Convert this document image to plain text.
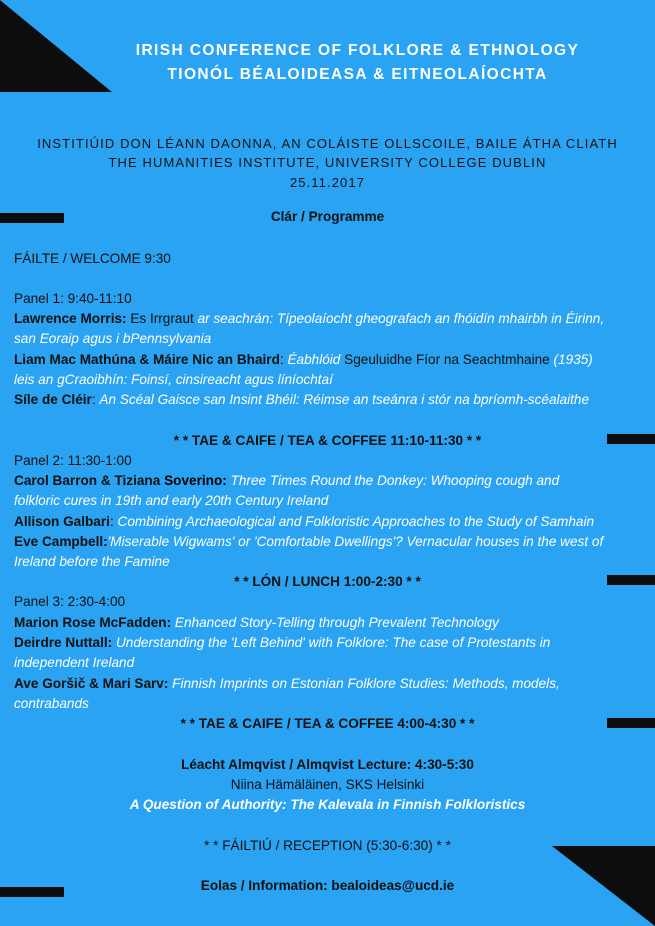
IRISH CONFERENCE OF FOLKLORE & ETHNOLOGY
TIONÓL BÉALOIDEASA & EITNEOLAÍOCHTA
INSTITIÚID DON LÉANN DAONNA, AN COLÁISTE OLLSCOILE, BAILE ÁTHA CLIATH
THE HUMANITIES INSTITUTE, UNIVERSITY COLLEGE DUBLIN
25.11.2017
Clár / Programme
FÁILTE / WELCOME 9:30
Panel 1: 9:40-11:10
Lawrence Morris: Es Irrgraut ar seachrán: Típeolaíocht gheografach an fhóidín mhairbh in Éirinn,
san Eoraip agus i bPennsylvania
Liam Mac Mathúna & Máire Nic an Bhaird: Éabhlóid Sgeuluidhe Fíor na Seachtmhaine (1935)
leis an gCraoibhín: Foinsí, cinsireacht agus líníochtaí
Síle de Cléir: An Scéal Gaisce san Insint Bhéil: Réimse an tseánra i stór na bpríomh-scéalaithe
* * TAE & CAIFE / TEA & COFFEE 11:10-11:30 * *
Panel 2: 11:30-1:00
Carol Barron & Tiziana Soverino: Three Times Round the Donkey: Whooping cough and
folkloric cures in 19th and early 20th Century Ireland
Allison Galbari: Combining Archaeological and Folkloristic Approaches to the Study of Samhain
Eve Campbell:'Miserable Wigwams' or 'Comfortable Dwellings'? Vernacular houses in the west of
Ireland before the Famine
* * LÓN / LUNCH 1:00-2:30 * *
Panel 3: 2:30-4:00
Marion Rose McFadden: Enhanced Story-Telling through Prevalent Technology
Deirdre Nuttall: Understanding the 'Left Behind' with Folklore: The case of Protestants in
independent Ireland
Ave Goršič & Mari Sarv: Finnish Imprints on Estonian Folklore Studies: Methods, models,
contrabands
* * TAE & CAIFE / TEA & COFFEE 4:00-4:30 * *
Léacht Almqvist / Almqvist Lecture: 4:30-5:30
Niina Hämäläinen, SKS Helsinki
A Question of Authority: The Kalevala in Finnish Folkloristics
* * FÁILTIÚ / RECEPTION (5:30-6:30) * *
Eolas / Information: bealoideas@ucd.ie
